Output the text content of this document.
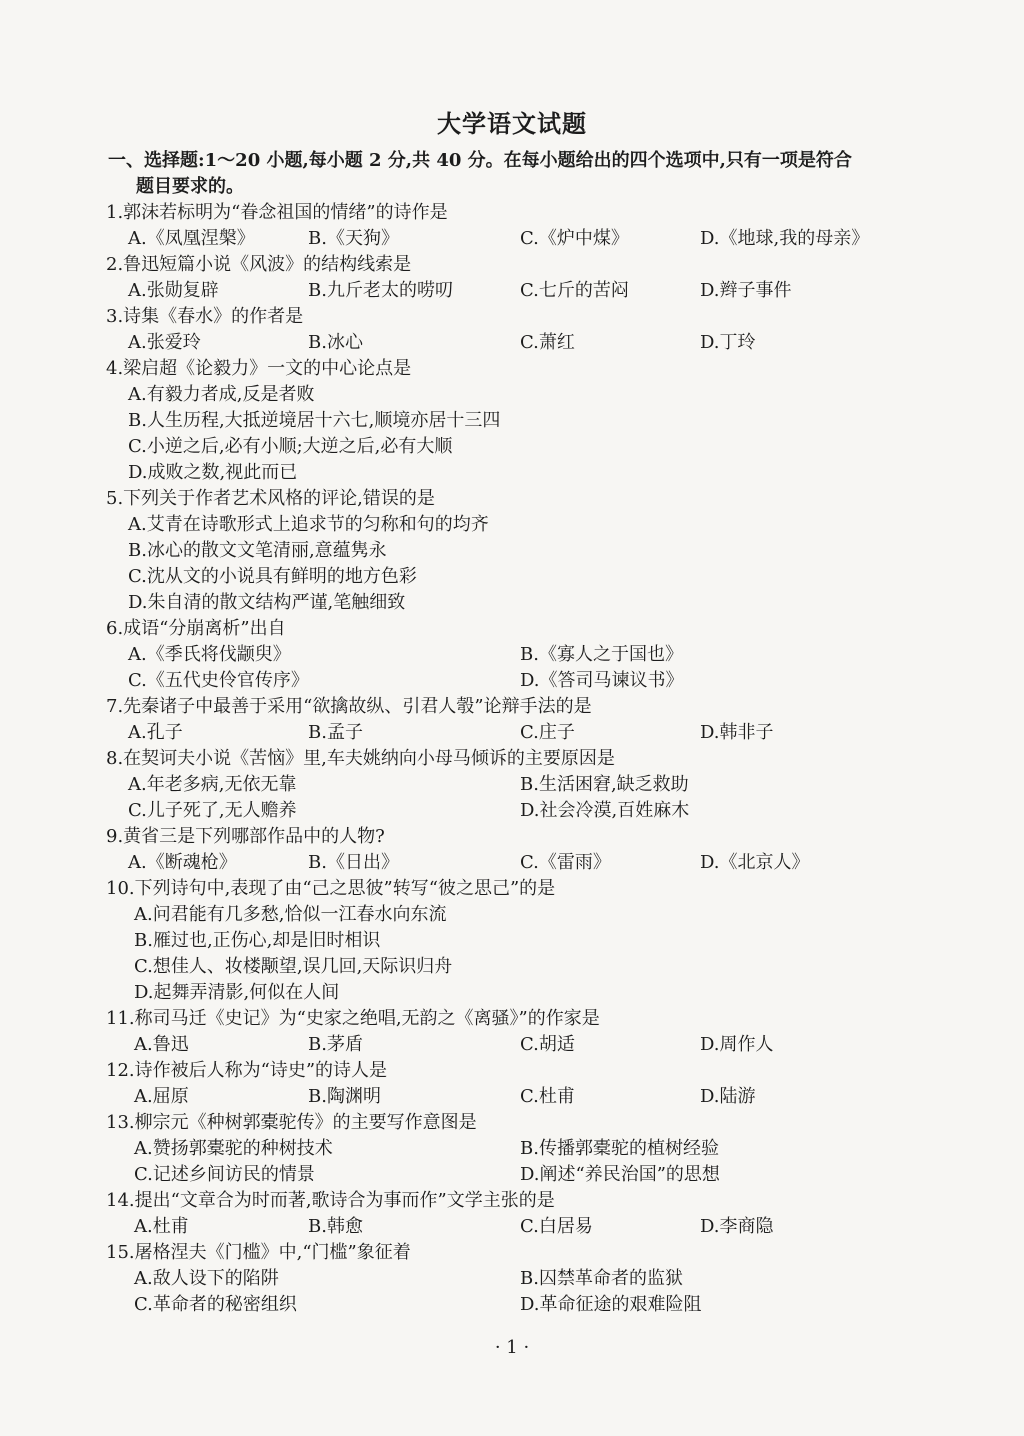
大学语文试题
一、选择题:1～20 小题,每小题 2 分,共 40 分。在每小题给出的四个选项中,只有一项是符合
题目要求的。
1.郭沫若标明为“眷念祖国的情绪”的诗作是
A.《凤凰涅槃》	B.《天狗》	C.《炉中煤》	D.《地球,我的母亲》
2.鲁迅短篇小说《风波》的结构线索是
A.张勋复辟	B.九斤老太的唠叨	C.七斤的苦闷	D.辫子事件
3.诗集《春水》的作者是
A.张爱玲	B.冰心	C.萧红	D.丁玲
4.梁启超《论毅力》一文的中心论点是
A.有毅力者成,反是者败
B.人生历程,大抵逆境居十六七,顺境亦居十三四
C.小逆之后,必有小顺;大逆之后,必有大顺
D.成败之数,视此而已
5.下列关于作者艺术风格的评论,错误的是
A.艾青在诗歌形式上追求节的匀称和句的均齐
B.冰心的散文文笔清丽,意蕴隽永
C.沈从文的小说具有鲜明的地方色彩
D.朱自清的散文结构严谨,笔触细致
6.成语“分崩离析”出自
A.《季氏将伐颛臾》	B.《寡人之于国也》
C.《五代史伶官传序》	D.《答司马谏议书》
7.先秦诸子中最善于采用“欲擒故纵、引君人彀”论辩手法的是
A.孔子	B.孟子	C.庄子	D.韩非子
8.在契诃夫小说《苦恼》里,车夫姚纳向小母马倾诉的主要原因是
A.年老多病,无依无靠	B.生活困窘,缺乏救助
C.儿子死了,无人赡养	D.社会冷漠,百姓麻木
9.黄省三是下列哪部作品中的人物?
A.《断魂枪》	B.《日出》	C.《雷雨》	D.《北京人》
10.下列诗句中,表现了由“己之思彼”转写“彼之思己”的是
A.问君能有几多愁,恰似一江春水向东流
B.雁过也,正伤心,却是旧时相识
C.想佳人、妆楼颙望,误几回,天际识归舟
D.起舞弄清影,何似在人间
11.称司马迁《史记》为“史家之绝唱,无韵之《离骚》”的作家是
A.鲁迅	B.茅盾	C.胡适	D.周作人
12.诗作被后人称为“诗史”的诗人是
A.屈原	B.陶渊明	C.杜甫	D.陆游
13.柳宗元《种树郭橐驼传》的主要写作意图是
A.赞扬郭橐驼的种树技术	B.传播郭橐驼的植树经验
C.记述乡间访民的情景	D.阐述“养民治国”的思想
14.提出“文章合为时而著,歌诗合为事而作”文学主张的是
A.杜甫	B.韩愈	C.白居易	D.李商隐
15.屠格涅夫《门槛》中,“门槛”象征着
A.敌人设下的陷阱	B.囚禁革命者的监狱
C.革命者的秘密组织	D.革命征途的艰难险阻
· 1 ·
